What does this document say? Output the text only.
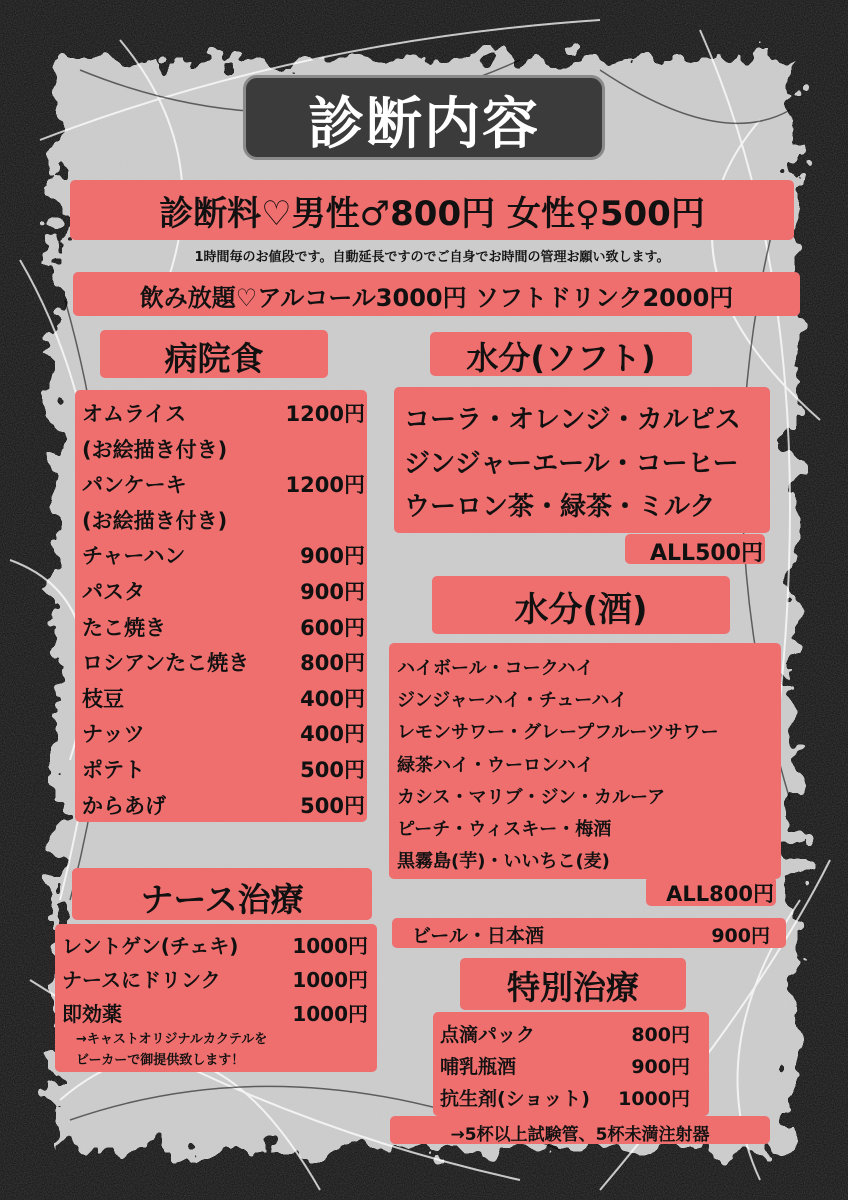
診断内容
診断料♡男性♂800円 女性♀500円
1時間毎のお値段です。自動延長ですのでご自身でお時間の管理お願い致します。
飲み放題♡アルコール3000円 ソフトドリンク2000円
病院食
オムライス	1200円
(お絵描き付き)
パンケーキ	1200円
(お絵描き付き)
チャーハン	900円
パスタ	900円
たこ焼き	600円
ロシアンたこ焼き	800円
枝豆	400円
ナッツ	400円
ポテト	500円
からあげ	500円
水分(ソフト)
コーラ・オレンジ・カルピス
ジンジャーエール・コーヒー
ウーロン茶・緑茶・ミルク
ALL500円
水分(酒)
ハイボール・コークハイ
ジンジャーハイ・チューハイ
レモンサワー・グレープフルーツサワー
緑茶ハイ・ウーロンハイ
カシス・マリブ・ジン・カルーア
ピーチ・ウィスキー・梅酒
黒霧島(芋)・いいちこ(麦)
ALL800円
ビール・日本酒	900円
ナース治療
レントゲン(チェキ)	1000円
ナースにドリンク	1000円
即効薬	1000円
→キャストオリジナルカクテルを
ビーカーで御提供致します！
特別治療
点滴パック	800円
哺乳瓶酒	900円
抗生剤(ショット)	1000円
→5杯以上試験管、5杯未満注射器
